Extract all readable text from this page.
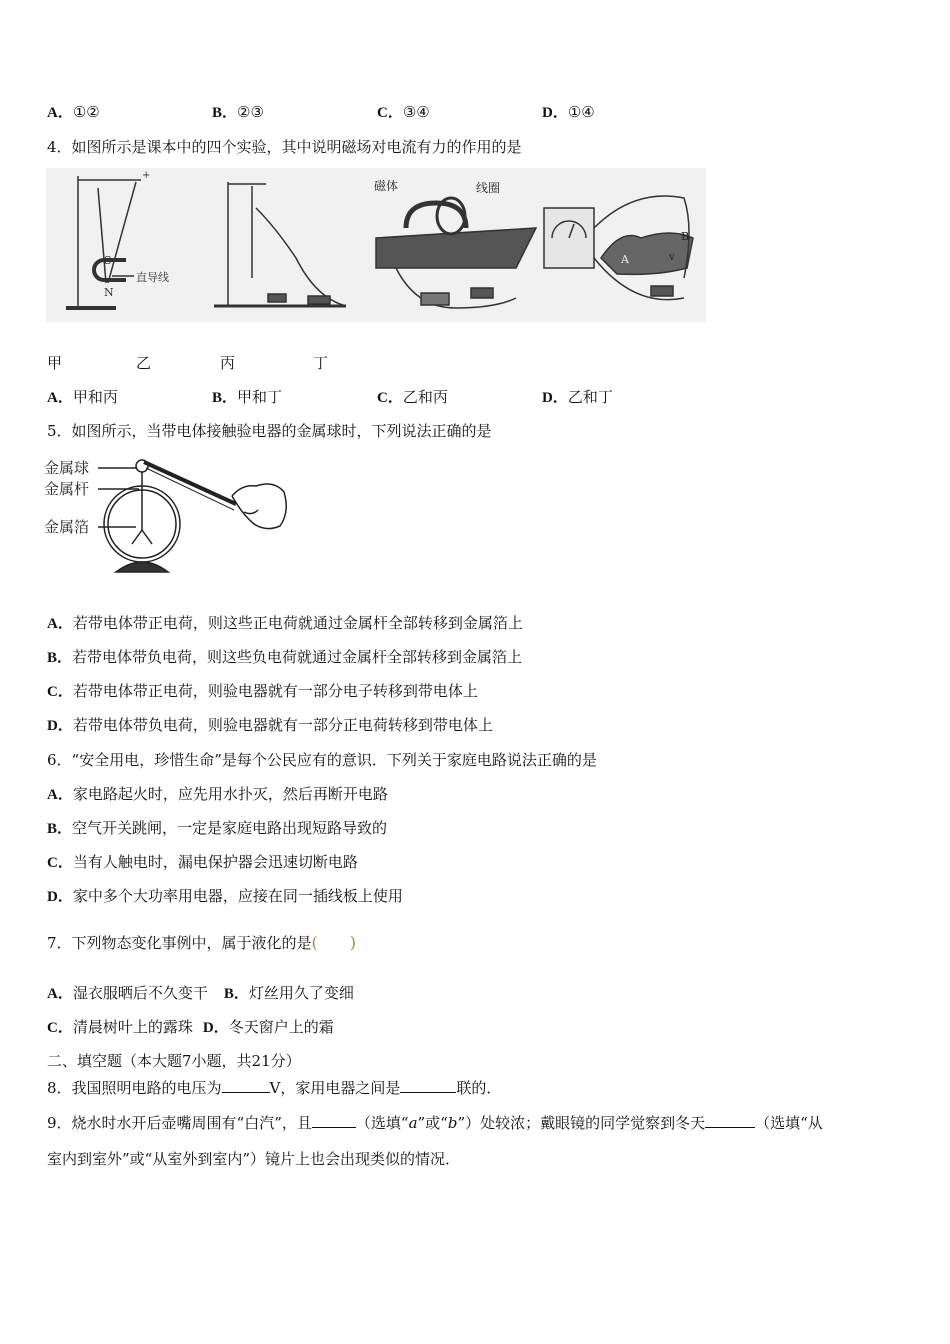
A．①②	B．②③	C．③④	D．①④
4．如图所示是课本中的四个实验，其中说明磁场对电流有力的作用的是
+
S
N
直导线
磁体	线圈
B
A	v
甲	乙	丙	丁
A．甲和丙	B．甲和丁	C．乙和丙	D．乙和丁
5．如图所示，当带电体接触验电器的金属球时，下列说法正确的是
金属球
金属杆
金属箔
A．若带电体带正电荷，则这些正电荷就通过金属杆全部转移到金属箔上
B．若带电体带负电荷，则这些负电荷就通过金属杆全部转移到金属箔上
C．若带电体带正电荷，则验电器就有一部分电子转移到带电体上
D．若带电体带负电荷，则验电器就有一部分正电荷转移到带电体上
6．“安全用电，珍惜生命”是每个公民应有的意识．下列关于家庭电路说法正确的是
A．家电路起火时，应先用水扑灭，然后再断开电路
B．空气开关跳闸，一定是家庭电路出现短路导致的
C．当有人触电时，漏电保护器会迅速切断电路
D．家中多个大功率用电器，应接在同一插线板上使用
7．下列物态变化事例中，属于液化的是(　　)
A．湿衣服晒后不久变干 B．灯丝用久了变细
C．清晨树叶上的露珠 D．冬天窗户上的霜
二、填空题（本大题7小题，共21分）
8．我国照明电路的电压为	V，家用电器之间是	联的．
9．烧水时水开后壶嘴周围有“白汽”，且	（选填“a”或“b”）处较浓；戴眼镜的同学觉察到冬天	（选填“从
室内到室外”或“从室外到室内”）镜片上也会出现类似的情况．
